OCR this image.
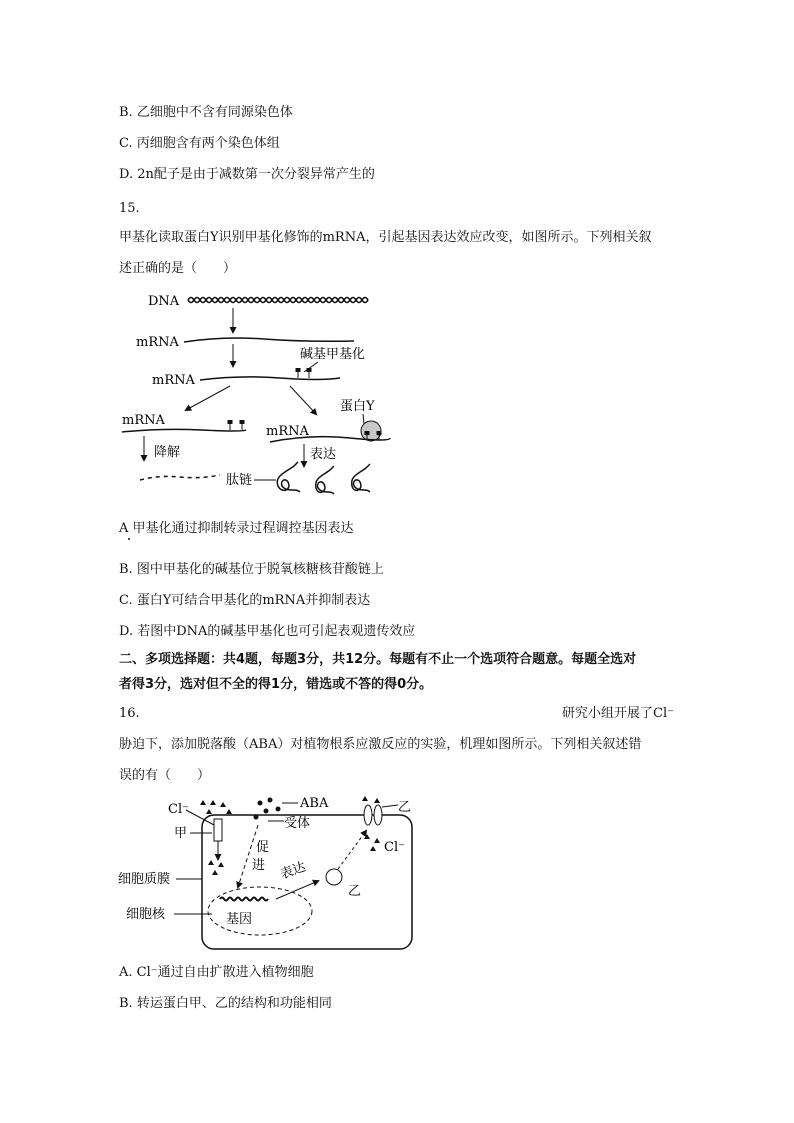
B. 乙细胞中不含有同源染色体
C. 丙细胞含有两个染色体组
D. 2n配子是由于减数第一次分裂异常产生的
15.
甲基化读取蛋白Y识别甲基化修饰的mRNA，引起基因表达效应改变，如图所示。下列相关叙
述正确的是（　　）
DNA
mRNA
碱基甲基化
mRNA
mRNA
降解
蛋白Y
mRNA
表达
肽链
A 甲基化通过抑制转录过程调控基因表达
B. 图中甲基化的碱基位于脱氧核糖核苷酸链上
C. 蛋白Y可结合甲基化的mRNA并抑制表达
D. 若图中DNA的碱基甲基化也可引起表观遗传效应
二、多项选择题：共4题，每题3分，共12分。每题有不止一个选项符合题意。每题全选对
者得3分，选对但不全的得1分，错选或不答的得0分。
16.	研究小组开展了Cl⁻
胁迫下，添加脱落酸（ABA）对植物根系应激反应的实验，机理如图所示。下列相关叙述错
误的有（　　）
Cl⁻
甲
细胞质膜
细胞核
ABA
受体
促
进
基因
表达
乙
乙
Cl⁻
A. Cl⁻通过自由扩散进入植物细胞
B. 转运蛋白甲、乙的结构和功能相同
